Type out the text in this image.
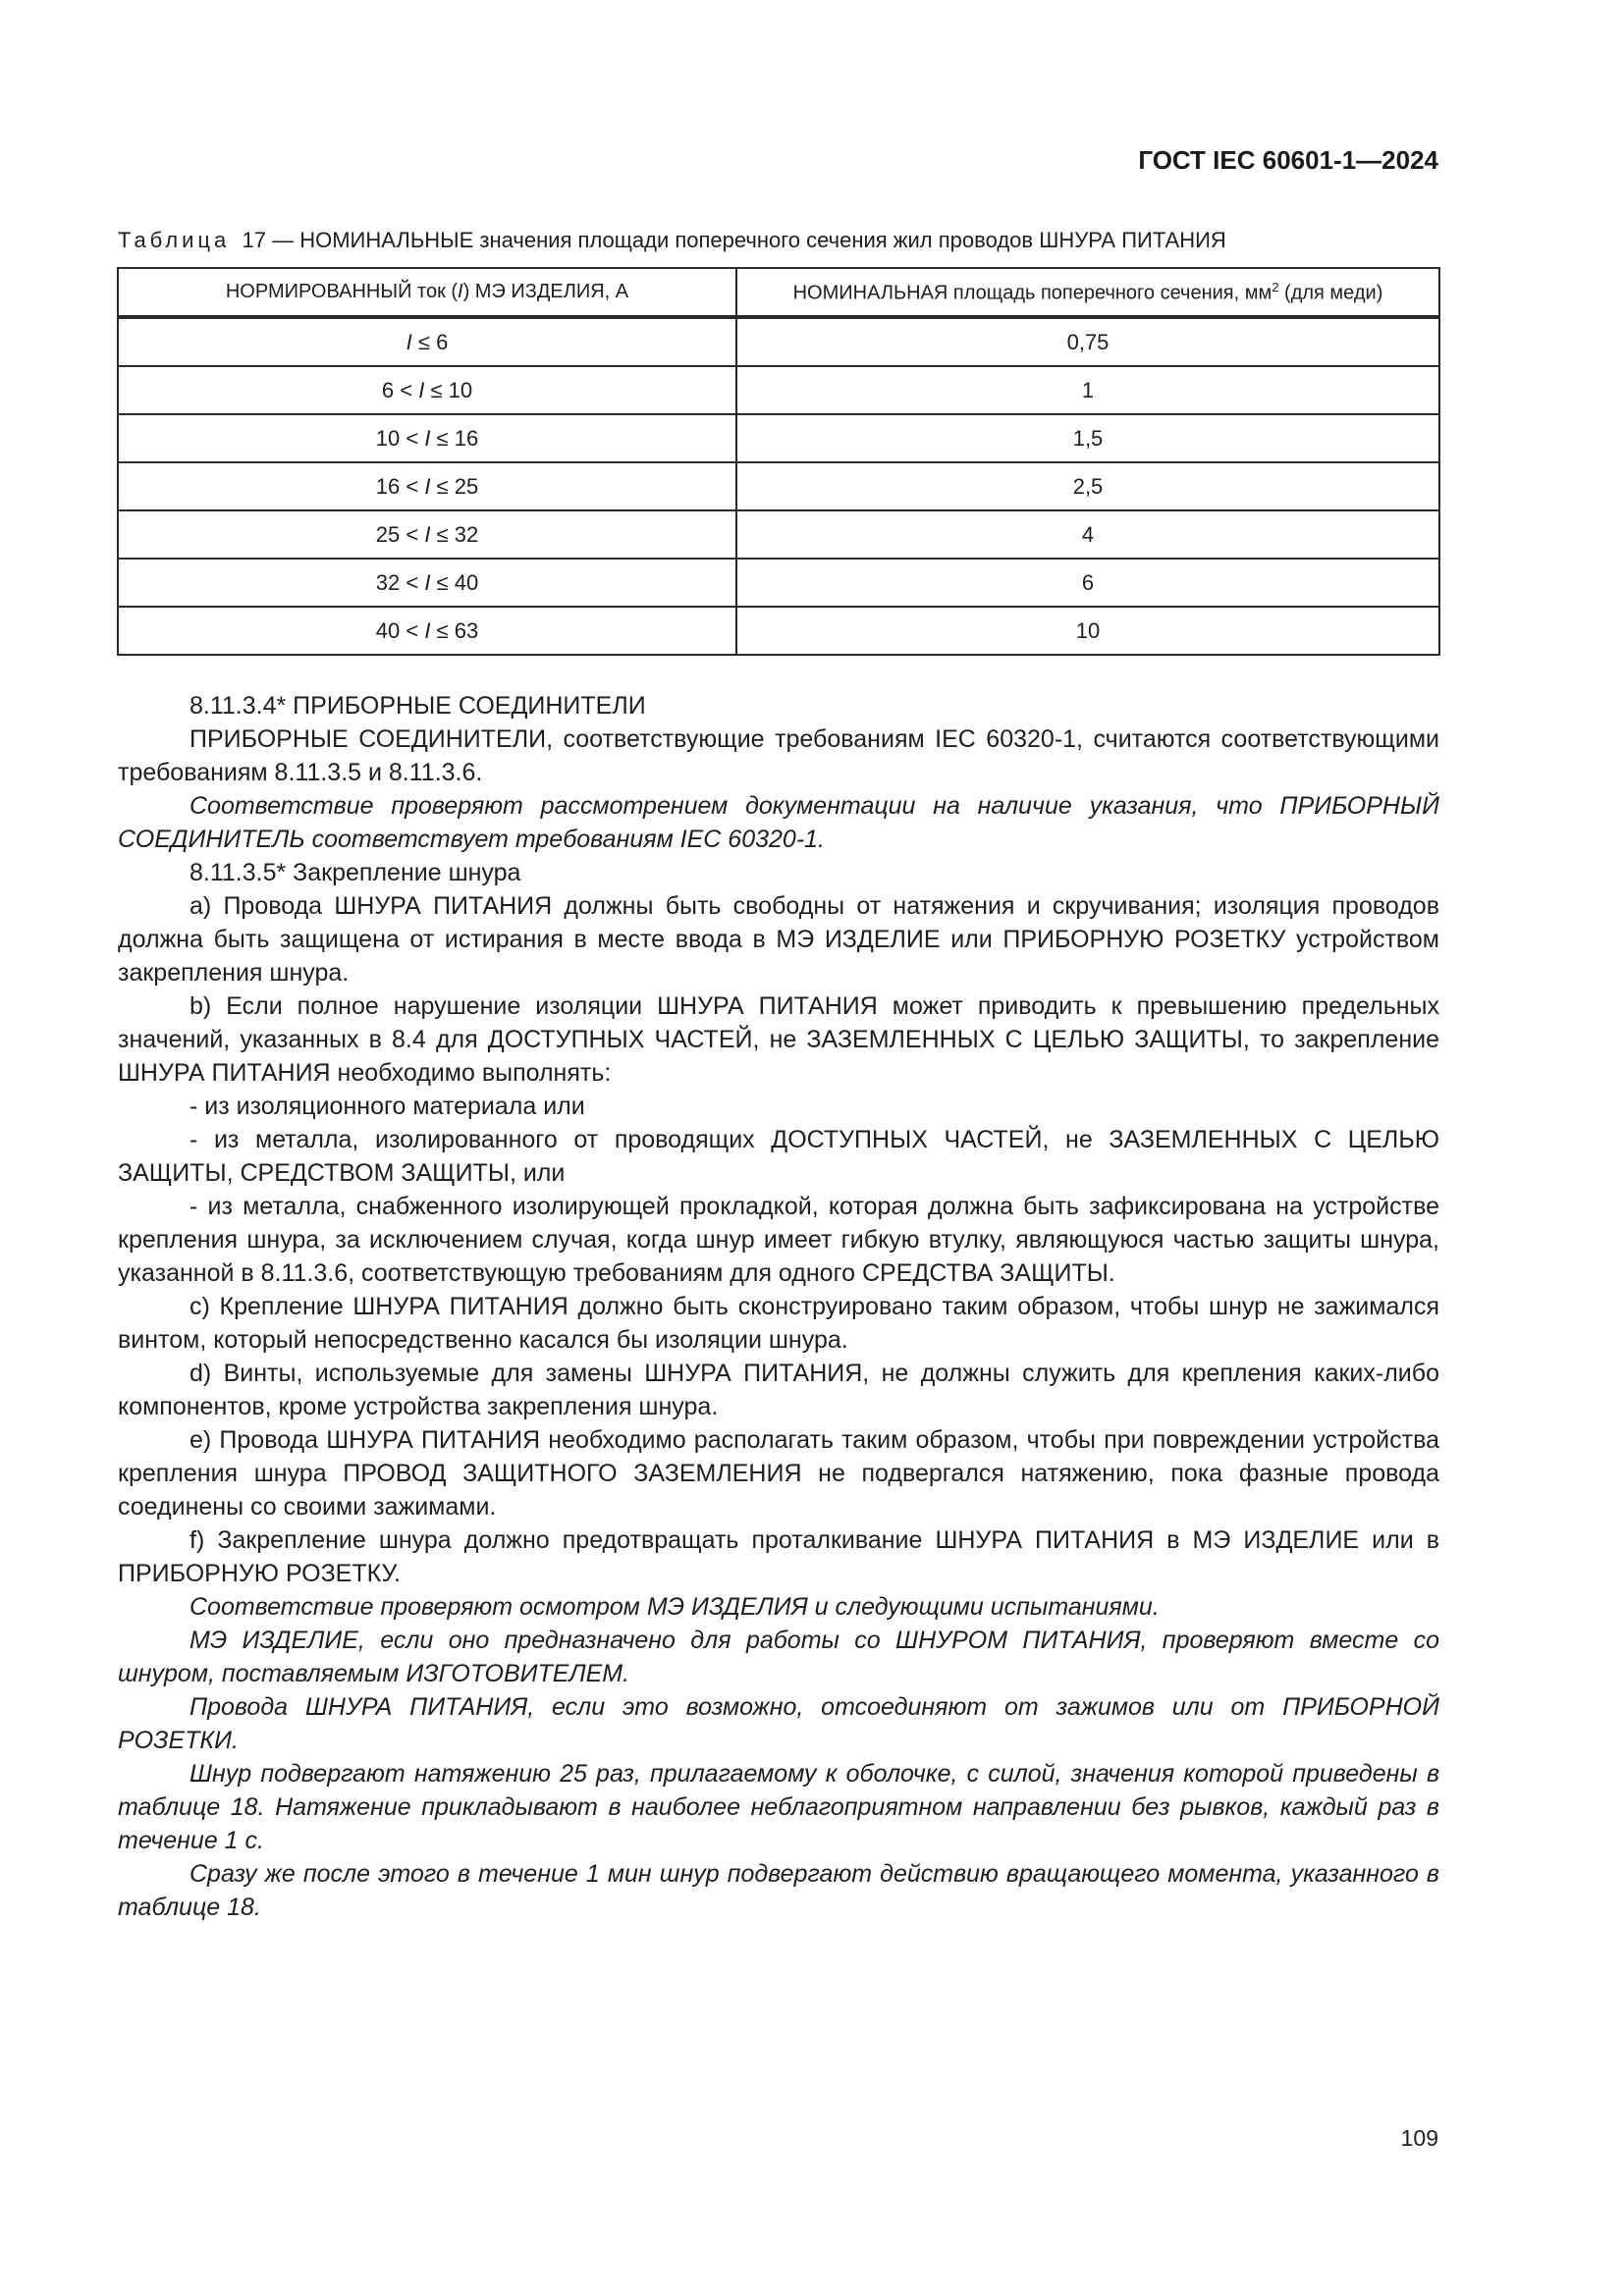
ГОСТ IEC 60601-1—2024
Таблица 17 — НОМИНАЛЬНЫЕ значения площади поперечного сечения жил проводов ШНУРА ПИТАНИЯ
НОРМИРОВАННЫЙ ток (I) МЭ ИЗДЕЛИЯ, А	НОМИНАЛЬНАЯ площадь поперечного сечения, $мм^2$ (для меди)
I ≤ 6	0,75
6 < I ≤ 10	1
10 < I ≤ 16	1,5
16 < I ≤ 25	2,5
25 < I ≤ 32	4
32 < I ≤ 40	6
40 < I ≤ 63	10

8.11.3.4* ПРИБОРНЫЕ СОЕДИНИТЕЛИ

ПРИБОРНЫЕ СОЕДИНИТЕЛИ, соответствующие требованиям IEC 60320-1, считаются соответствующими требованиям 8.11.3.5 и 8.11.3.6.

Соответствие проверяют рассмотрением документации на наличие указания, что ПРИБОРНЫЙ СОЕДИНИТЕЛЬ соответствует требованиям IEC 60320-1.

8.11.3.5* Закрепление шнура

a) Провода ШНУРА ПИТАНИЯ должны быть свободны от натяжения и скручивания; изоляция проводов должна быть защищена от истирания в месте ввода в МЭ ИЗДЕЛИЕ или ПРИБОРНУЮ РОЗЕТКУ устройством закрепления шнура.

b) Если полное нарушение изоляции ШНУРА ПИТАНИЯ может приводить к превышению предельных значений, указанных в 8.4 для ДОСТУПНЫХ ЧАСТЕЙ, не ЗАЗЕМЛЕННЫХ С ЦЕЛЬЮ ЗАЩИТЫ, то закрепление ШНУРА ПИТАНИЯ необходимо выполнять:

- из изоляционного материала или

- из металла, изолированного от проводящих ДОСТУПНЫХ ЧАСТЕЙ, не ЗАЗЕМЛЕННЫХ С ЦЕЛЬЮ ЗАЩИТЫ, СРЕДСТВОМ ЗАЩИТЫ, или

- из металла, снабженного изолирующей прокладкой, которая должна быть зафиксирована на устройстве крепления шнура, за исключением случая, когда шнур имеет гибкую втулку, являющуюся частью защиты шнура, указанной в 8.11.3.6, соответствующую требованиям для одного СРЕДСТВА ЗАЩИТЫ.

c) Крепление ШНУРА ПИТАНИЯ должно быть сконструировано таким образом, чтобы шнур не зажимался винтом, который непосредственно касался бы изоляции шнура.

d) Винты, используемые для замены ШНУРА ПИТАНИЯ, не должны служить для крепления каких-либо компонентов, кроме устройства закрепления шнура.

e) Провода ШНУРА ПИТАНИЯ необходимо располагать таким образом, чтобы при повреждении устройства крепления шнура ПРОВОД ЗАЩИТНОГО ЗАЗЕМЛЕНИЯ не подвергался натяжению, пока фазные провода соединены со своими зажимами.

f) Закрепление шнура должно предотвращать проталкивание ШНУРА ПИТАНИЯ в МЭ ИЗДЕЛИЕ или в ПРИБОРНУЮ РОЗЕТКУ.

Соответствие проверяют осмотром МЭ ИЗДЕЛИЯ и следующими испытаниями.

МЭ ИЗДЕЛИЕ, если оно предназначено для работы со ШНУРОМ ПИТАНИЯ, проверяют вместе со шнуром, поставляемым ИЗГОТОВИТЕЛЕМ.

Провода ШНУРА ПИТАНИЯ, если это возможно, отсоединяют от зажимов или от ПРИБОРНОЙ РОЗЕТКИ.

Шнур подвергают натяжению 25 раз, прилагаемому к оболочке, с силой, значения которой приведены в таблице 18. Натяжение прикладывают в наиболее неблагоприятном направлении без рывков, каждый раз в течение 1 с.

Сразу же после этого в течение 1 мин шнур подвергают действию вращающего момента, указанного в таблице 18.

109
